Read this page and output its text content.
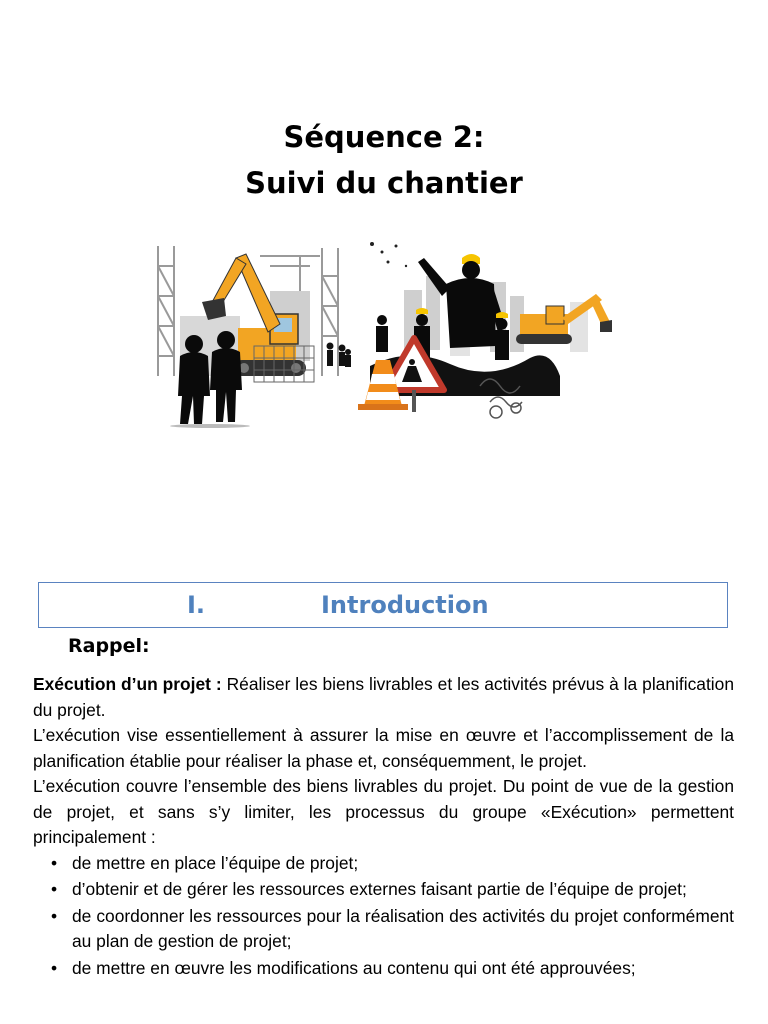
Séquence 2:
Suivi du chantier
I.	Introduction
Rappel:

Exécution d’un projet : Réaliser les biens livrables et les activités prévus à la planification du projet.

L’exécution vise essentiellement à assurer la mise en œuvre et l’accomplissement de la planification établie pour réaliser la phase et, conséquemment, le projet.

L’exécution couvre l’ensemble des biens livrables du projet. Du point de vue de la gestion de projet, et sans s’y limiter, les processus du groupe «Exécution» permettent principalement :

• de mettre en place l’équipe de projet;
• d’obtenir et de gérer les ressources externes faisant partie de l’équipe de projet;
• de coordonner les ressources pour la réalisation des activités du projet conformément au plan de gestion de projet;
• de mettre en œuvre les modifications au contenu qui ont été approuvées;
